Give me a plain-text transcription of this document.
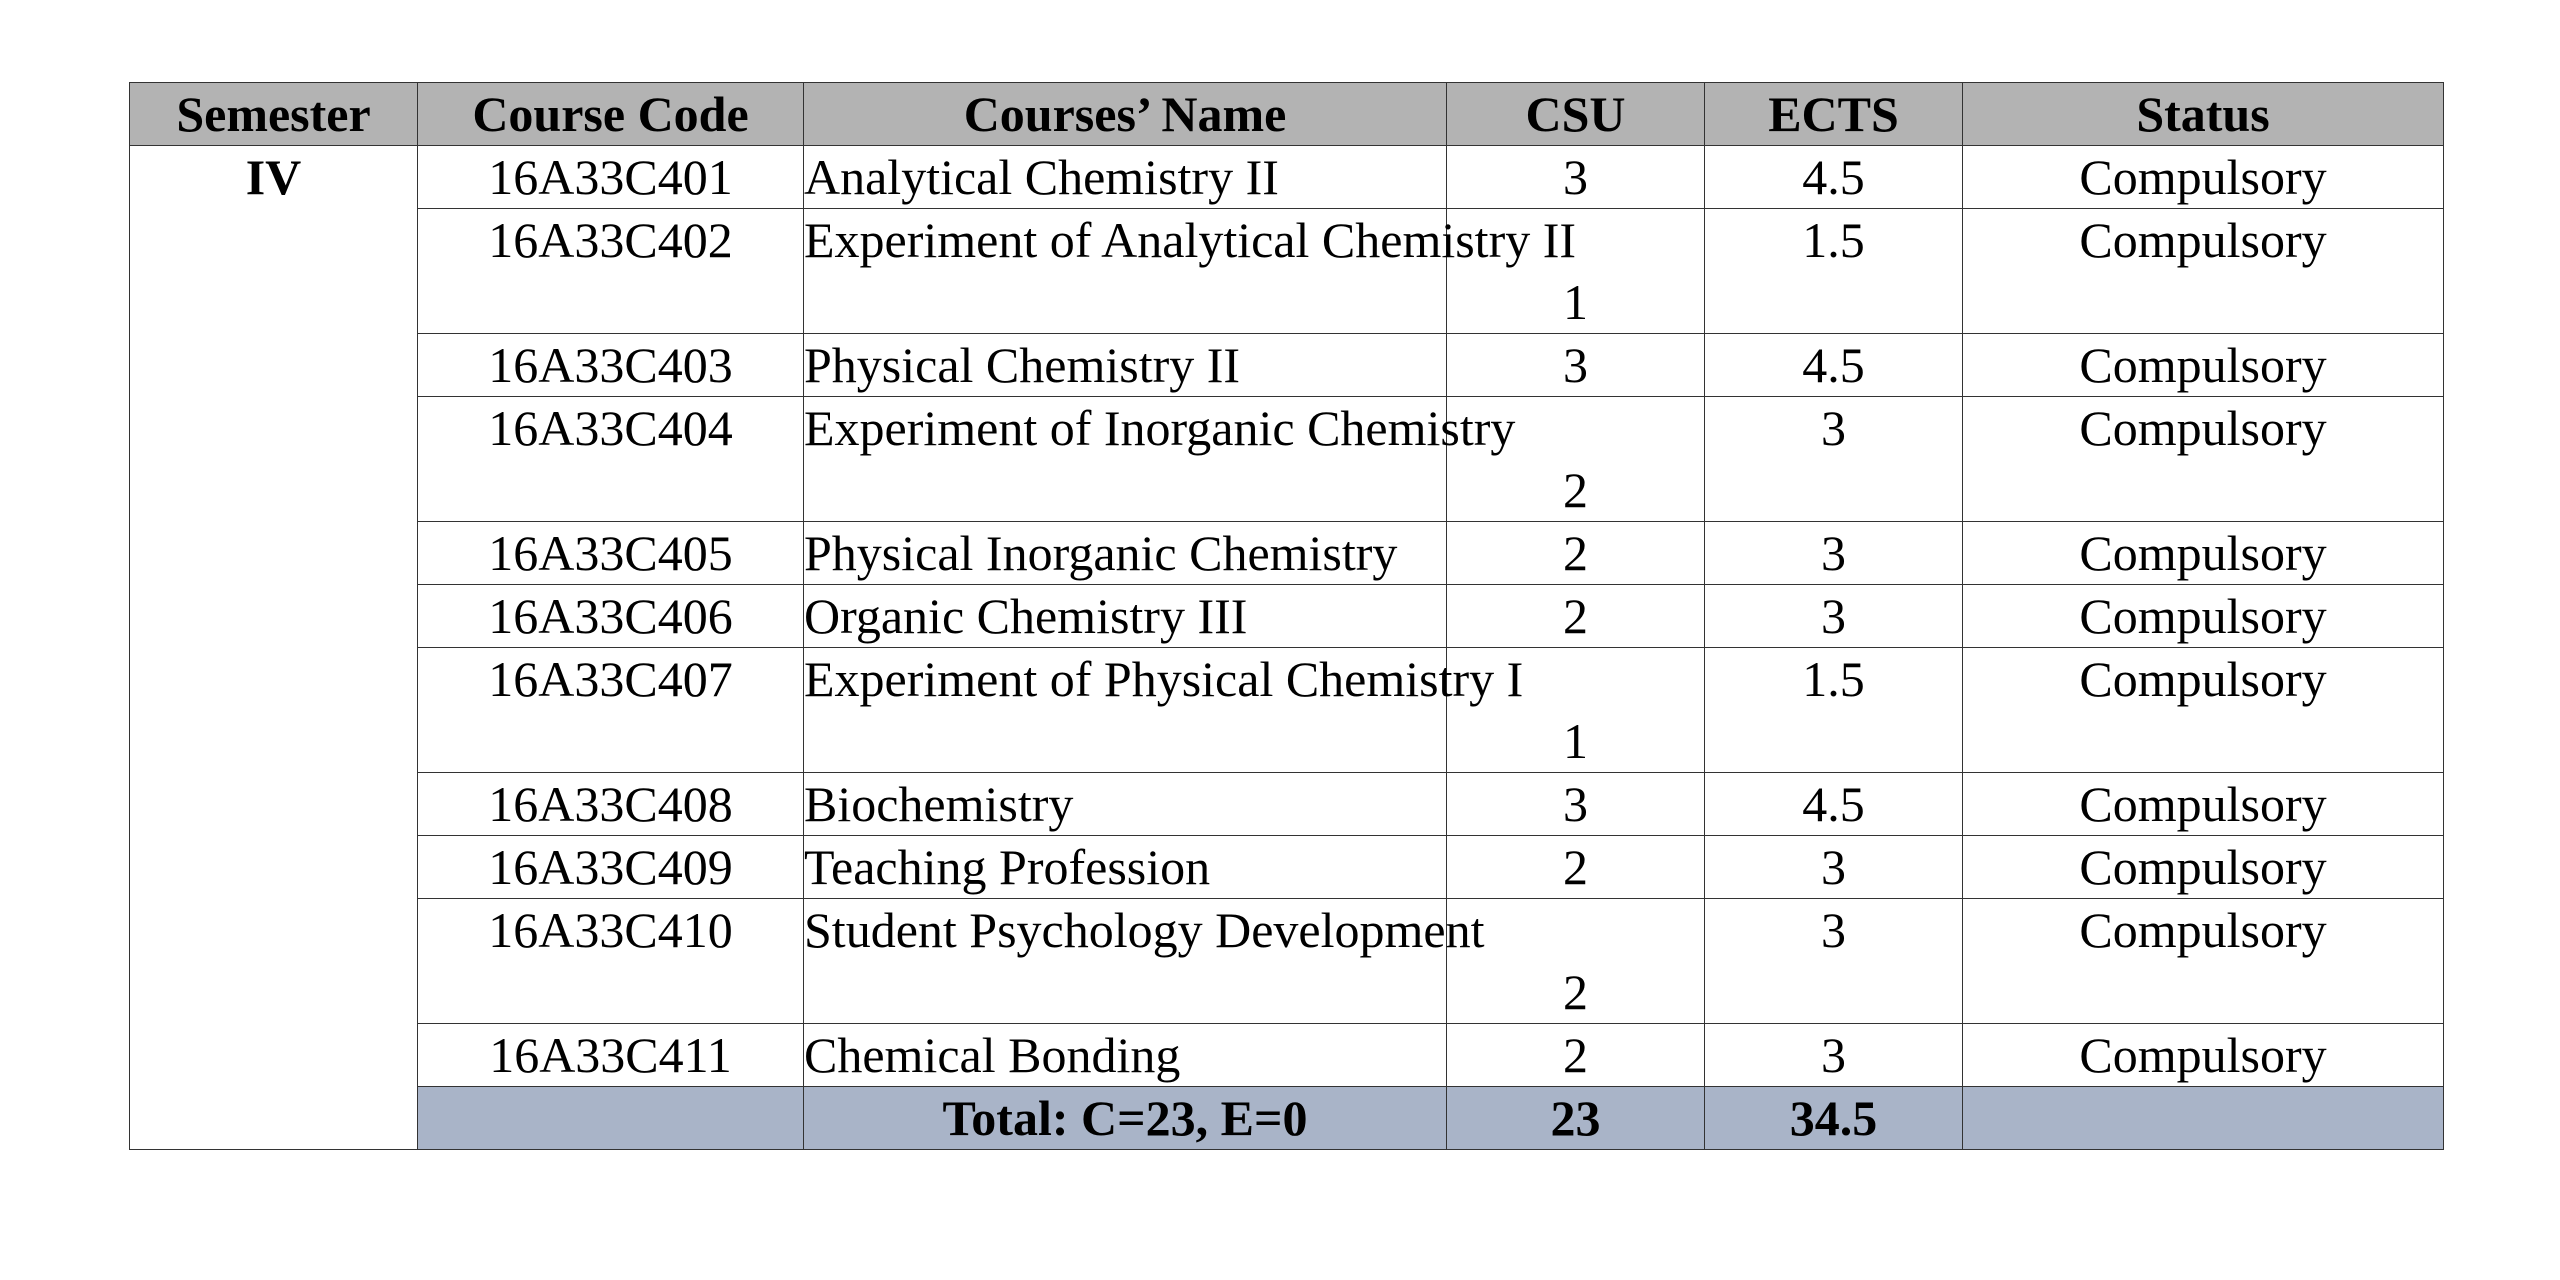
Semester	Course Code	Courses’ Name	CSU	ECTS	Status
IV	16A33C401	Analytical Chemistry II	3	4.5	Compulsory
	16A33C402	Experiment of Analytical Chemistry II	1	1.5	Compulsory
	16A33C403	Physical Chemistry II	3	4.5	Compulsory
	16A33C404	Experiment of Inorganic Chemistry	2	3	Compulsory
	16A33C405	Physical Inorganic Chemistry	2	3	Compulsory
	16A33C406	Organic Chemistry III	2	3	Compulsory
	16A33C407	Experiment of Physical Chemistry I	1	1.5	Compulsory
	16A33C408	Biochemistry	3	4.5	Compulsory
	16A33C409	Teaching Profession	2	3	Compulsory
	16A33C410	Student Psychology Development	2	3	Compulsory
	16A33C411	Chemical Bonding	2	3	Compulsory
		Total: C=23, E=0	23	34.5	
